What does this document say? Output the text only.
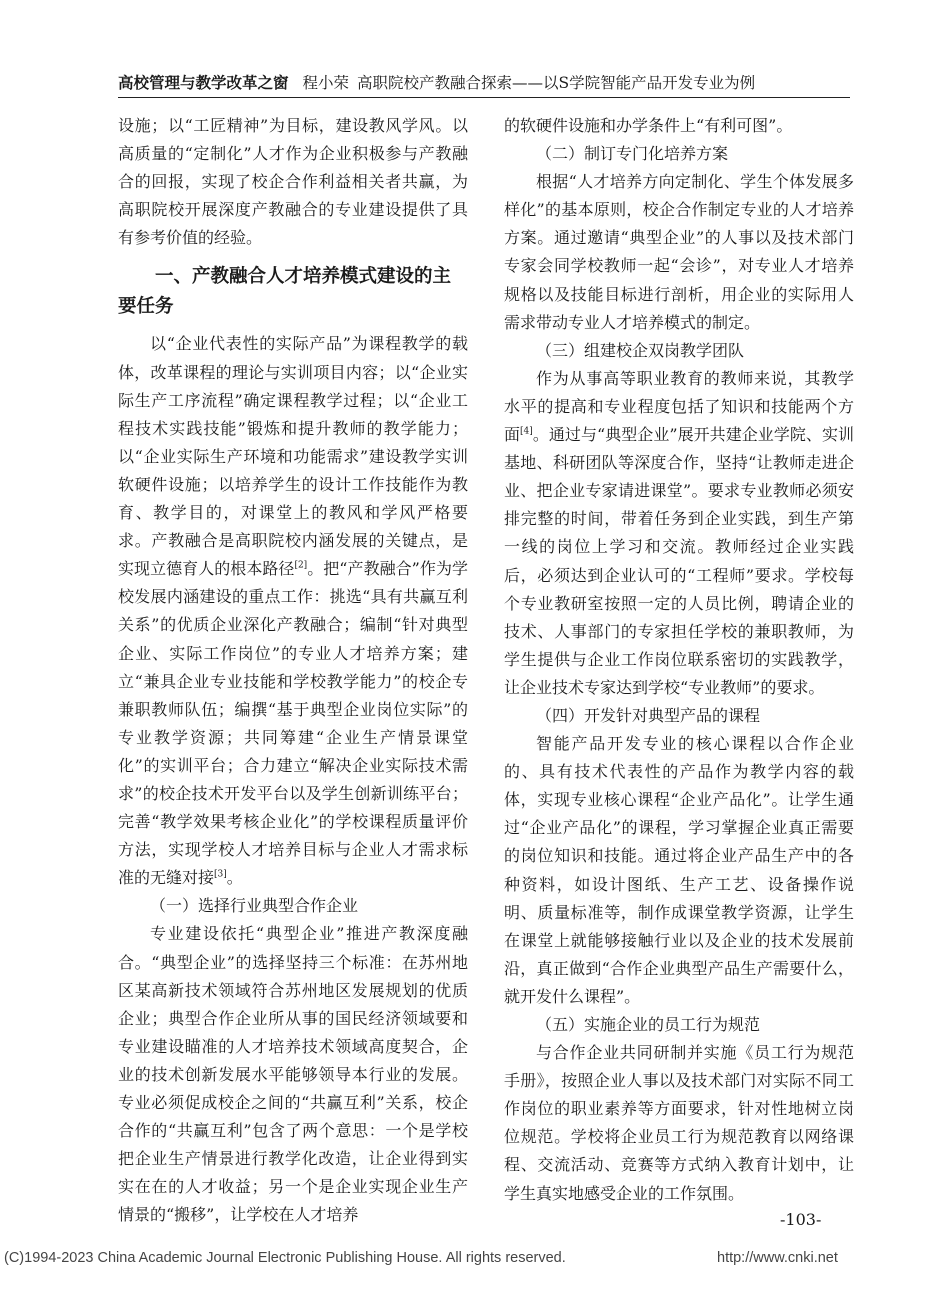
高校管理与教学改革之窗 程小荣 高职院校产教融合探索——以S学院智能产品开发专业为例

设施；以“工匠精神”为目标，建设教风学风。以高质量的“定制化”人才作为企业积极参与产教融合的回报，实现了校企合作利益相关者共赢，为高职院校开展深度产教融合的专业建设提供了具有参考价值的经验。

一、产教融合人才培养模式建设的主要任务

以“企业代表性的实际产品”为课程教学的载体，改革课程的理论与实训项目内容；以“企业实际生产工序流程”确定课程教学过程；以“企业工程技术实践技能”锻炼和提升教师的教学能力；以“企业实际生产环境和功能需求”建设教学实训软硬件设施；以培养学生的设计工作技能作为教育、教学目的，对课堂上的教风和学风严格要求。产教融合是高职院校内涵发展的关键点，是实现立德育人的根本路径[2]。把“产教融合”作为学校发展内涵建设的重点工作：挑选“具有共赢互利关系”的优质企业深化产教融合；编制“针对典型企业、实际工作岗位”的专业人才培养方案；建立“兼具企业专业技能和学校教学能力”的校企专兼职教师队伍；编撰“基于典型企业岗位实际”的专业教学资源；共同筹建“企业生产情景课堂化”的实训平台；合力建立“解决企业实际技术需求”的校企技术开发平台以及学生创新训练平台；完善“教学效果考核企业化”的学校课程质量评价方法，实现学校人才培养目标与企业人才需求标准的无缝对接[3]。

（一）选择行业典型合作企业

专业建设依托“典型企业”推进产教深度融合。“典型企业”的选择坚持三个标准：在苏州地区某高新技术领域符合苏州地区发展规划的优质企业；典型合作企业所从事的国民经济领域要和专业建设瞄准的人才培养技术领域高度契合，企业的技术创新发展水平能够领导本行业的发展。专业必须促成校企之间的“共赢互利”关系，校企合作的“共赢互利”包含了两个意思：一个是学校把企业生产情景进行教学化改造，让企业得到实实在在的人才收益；另一个是企业实现企业生产情景的“搬移”，让学校在人才培养

的软硬件设施和办学条件上“有利可图”。

（二）制订专门化培养方案

根据“人才培养方向定制化、学生个体发展多样化”的基本原则，校企合作制定专业的人才培养方案。通过邀请“典型企业”的人事以及技术部门专家会同学校教师一起“会诊”，对专业人才培养规格以及技能目标进行剖析，用企业的实际用人需求带动专业人才培养模式的制定。

（三）组建校企双岗教学团队

作为从事高等职业教育的教师来说，其教学水平的提高和专业程度包括了知识和技能两个方面[4]。通过与“典型企业”展开共建企业学院、实训基地、科研团队等深度合作，坚持“让教师走进企业、把企业专家请进课堂”。要求专业教师必须安排完整的时间，带着任务到企业实践，到生产第一线的岗位上学习和交流。教师经过企业实践后，必须达到企业认可的“工程师”要求。学校每个专业教研室按照一定的人员比例，聘请企业的技术、人事部门的专家担任学校的兼职教师，为学生提供与企业工作岗位联系密切的实践教学，让企业技术专家达到学校“专业教师”的要求。

（四）开发针对典型产品的课程

智能产品开发专业的核心课程以合作企业的、具有技术代表性的产品作为教学内容的载体，实现专业核心课程“企业产品化”。让学生通过“企业产品化”的课程，学习掌握企业真正需要的岗位知识和技能。通过将企业产品生产中的各种资料，如设计图纸、生产工艺、设备操作说明、质量标准等，制作成课堂教学资源，让学生在课堂上就能够接触行业以及企业的技术发展前沿，真正做到“合作企业典型产品生产需要什么，就开发什么课程”。

（五）实施企业的员工行为规范

与合作企业共同研制并实施《员工行为规范手册》，按照企业人事以及技术部门对实际不同工作岗位的职业素养等方面要求，针对性地树立岗位规范。学校将企业员工行为规范教育以网络课程、交流活动、竞赛等方式纳入教育计划中，让学生真实地感受企业的工作氛围。

-103-
(C)1994-2023 China Academic Journal Electronic Publishing House. All rights reserved.	http://www.cnki.net
